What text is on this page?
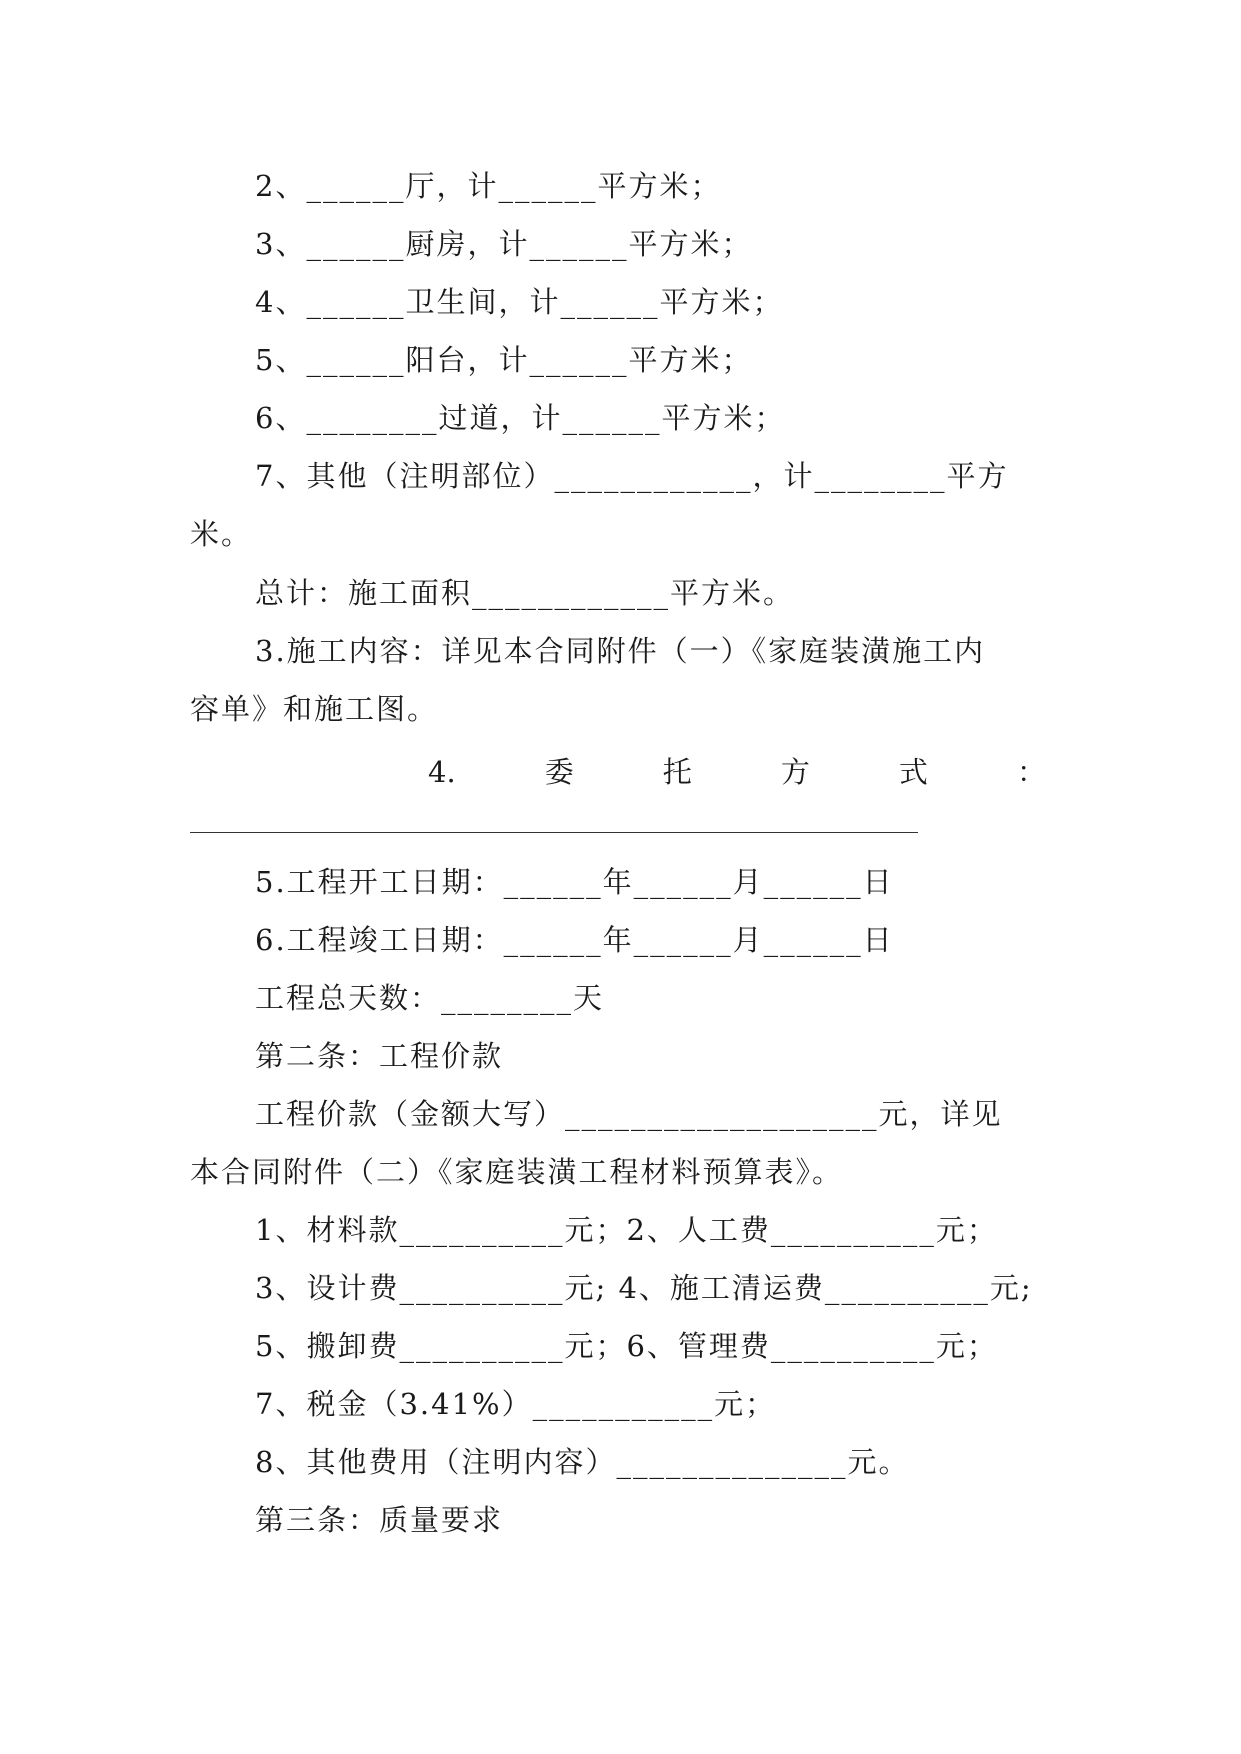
2、______厅，计______平方米；
3、______厨房，计______平方米；
4、______卫生间，计______平方米；
5、______阳台，计______平方米；
6、________过道，计______平方米；
7、其他（注明部位）____________，计________平方
米。
总计：施工面积____________平方米。
3.施工内容：详见本合同附件（一）《家庭装潢施工内
容单》和施工图。
4.	委	托	方	式	：
5.工程开工日期：______年______月______日
6.工程竣工日期：______年______月______日
工程总天数：________天
第二条：工程价款
工程价款（金额大写）___________________元，详见
本合同附件（二）《家庭装潢工程材料预算表》。
1、材料款__________元；2、人工费__________元；
3、设计费__________元; 4、施工清运费__________元;
5、搬卸费__________元；6、管理费__________元；
7、税金（3.41%）___________元；
8、其他费用（注明内容）______________元。
第三条：质量要求
